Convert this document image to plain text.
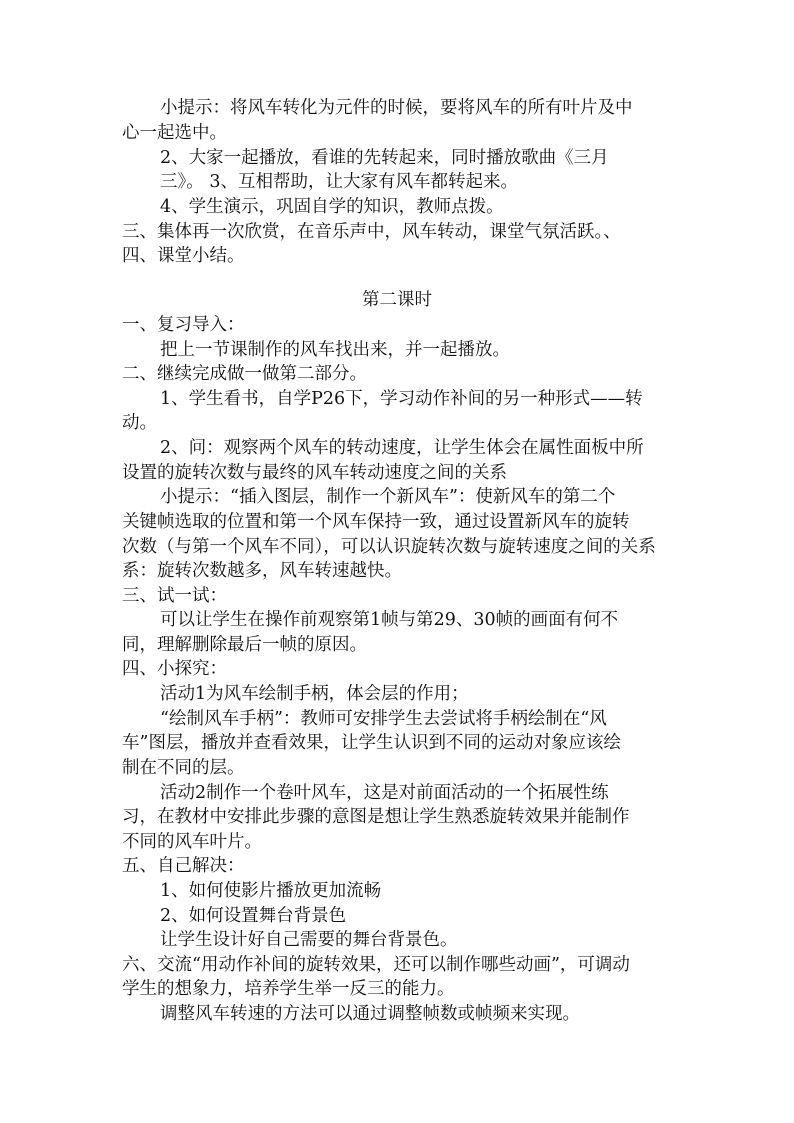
小提示：将风车转化为元件的时候，要将风车的所有叶片及中
心一起选中。
2、大家一起播放，看谁的先转起来，同时播放歌曲《三月
三》。 3、互相帮助，让大家有风车都转起来。
4、学生演示，巩固自学的知识，教师点拨。
三、集体再一次欣赏，在音乐声中，风车转动，课堂气氛活跃。、
四、课堂小结。
第二课时
一、复习导入：
把上一节课制作的风车找出来，并一起播放。
二、继续完成做一做第二部分。
1、学生看书，自学P26下，学习动作补间的另一种形式——转
动。
2、问：观察两个风车的转动速度，让学生体会在属性面板中所
设置的旋转次数与最终的风车转动速度之间的关系
小提示：“插入图层，制作一个新风车”：使新风车的第二个
关键帧选取的位置和第一个风车保持一致，通过设置新风车的旋转
次数（与第一个风车不同），可以认识旋转次数与旋转速度之间的关系
系：旋转次数越多，风车转速越快。
三、试一试：
可以让学生在操作前观察第1帧与第29、30帧的画面有何不
同，理解删除最后一帧的原因。
四、小探究：
活动1为风车绘制手柄，体会层的作用；
“绘制风车手柄”：教师可安排学生去尝试将手柄绘制在“风
车”图层，播放并查看效果，让学生认识到不同的运动对象应该绘
制在不同的层。
活动2制作一个卷叶风车，这是对前面活动的一个拓展性练
习，在教材中安排此步骤的意图是想让学生熟悉旋转效果并能制作
不同的风车叶片。
五、自己解决：
1、如何使影片播放更加流畅
2、如何设置舞台背景色
让学生设计好自己需要的舞台背景色。
六、交流“用动作补间的旋转效果，还可以制作哪些动画”，可调动
学生的想象力，培养学生举一反三的能力。
调整风车转速的方法可以通过调整帧数或帧频来实现。
